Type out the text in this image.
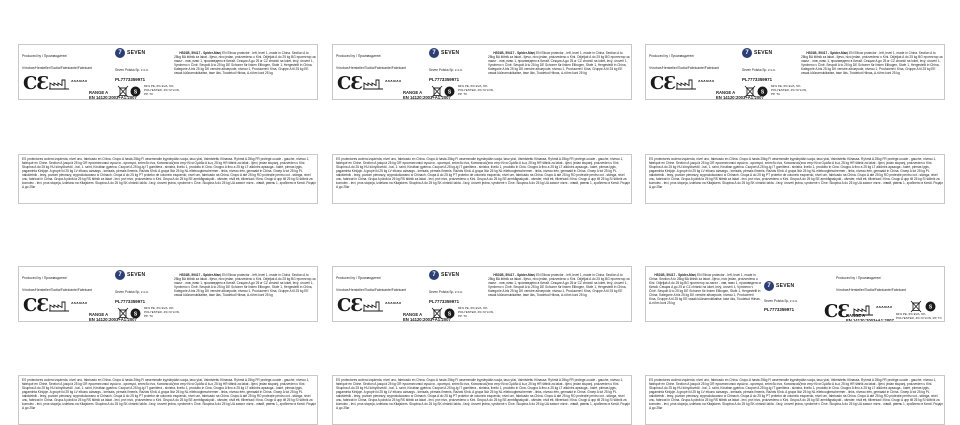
Produced by / Производител/

Výrobce/Hersteller/Tootja/Fabricante/Fabricant

7	SEVEN

Seven Polska Sp. z o.o.

PL7773359971
CƐ	XXXX/XX
S

HS01B, 59417 - Spider-Man| EN Elbow protector - left, level 1, made in China. Section A to 25kg BA štitnik za lakat - lijevo, nivo jedan, proizvedeno u Kini. Odjeljak A do 25 kg BG протектор за лакът - ляв, ниво 1, произведено в Китай. Секция A до 25 кг CZ chránič na loket, levý, úroveň 1, Vyrobeno v Číně. Sespolt A to 25 kg DE Schoner für linken Ellbogen, Stufe 1, Hergestellt in China, Kategorie A bis 25 kg DK venstre albuepude, niveau 1, Produceret i Kina, Gruppe A til 25 kg EE vasak küünarnukikaitse, tase üks, Toodetud Hiinas, A-rühm kuni 25 kg

84% PE, 6% EVA, 6% POLYESTER, 4% NYLON, PP, TC
RANGE A
EN 14120:2003+A1:2007

Produced by / Производител/

Výrobce/Hersteller/Tootja/Fabricante/Fabricant

7	SEVEN

Seven Polska Sp. z o.o.

PL7773359971
CƐ	XXXX/XX
S

HS01B, 59417 - Spider-Man| EN Elbow protector - left, level 1, made in China. Section A to 25kg BA štitnik za lakat - lijevo, nivo jedan, proizvedeno u Kini. Odjeljak A do 25 kg BG протектор за лакът - ляв, ниво 1, произведено в Китай. Секция A до 25 кг CZ chránič na loket, levý, úroveň 1, Vyrobeno v Číně. Sespolt A to 25 kg DE Schoner für linken Ellbogen, Stufe 1, Hergestellt in China, Kategorie A bis 25 kg DK venstre albuepude, niveau 1, Produceret i Kina, Gruppe A til 25 kg EE vasak küünarnukikaitse, tase üks, Toodetud Hiinas, A-rühm kuni 25 kg

84% PE, 6% EVA, 6% POLYESTER, 4% NYLON, PP, TC
RANGE A
EN 14120:2003+A1:2007

Produced by / Производител/

Výrobce/Hersteller/Tootja/Fabricante/Fabricant

7	SEVEN

Seven Polska Sp. z o.o.

PL7773359971
CƐ	XXXX/XX
S

HS01B, 59417 - Spider-Man| EN Elbow protector - left, level 1, made in China. Section A to 25kg BA štitnik za lakat - lijevo, nivo jedan, proizvedeno u Kini. Odjeljak A do 25 kg BG протектор за лакът - ляв, ниво 1, произведено в Китай. Секция A до 25 кг CZ chránič na loket, levý, úroveň 1, Vyrobeno v Číně. Sespolt A to 25 kg DE Schoner für linken Ellbogen, Stufe 1, Hergestellt in China, Kategorie A bis 25 kg DK venstre albuepude, niveau 1, Produceret i Kina, Gruppe A til 25 kg EE vasak küünarnukikaitse, tase üks, Toodetud Hiinas, A-rühm kuni 25 kg

84% PE, 6% EVA, 6% POLYESTER, 4% NYLON, PP, TC
RANGE A
EN 14120:2003+A1:2007

Produced by / Производител/

Výrobce/Hersteller/Tootja/Fabricante/Fabricant

7	SEVEN

Seven Polska Sp. z o.o.

PL7773359971
CƐ	XXXX/XX
S

HS01B, 59417 - Spider-Man| EN Elbow protector - left, level 1, made in China. Section A to 25kg BA štitnik za lakat - lijevo, nivo jedan, proizvedeno u Kini. Odjeljak A do 25 kg BG протектор за лакът - ляв, ниво 1, произведено в Китай. Секция A до 25 кг CZ chránič na loket, levý, úroveň 1, Vyrobeno v Číně. Sespolt A to 25 kg DE Schoner für linken Ellbogen, Stufe 1, Hergestellt in China, Kategorie A bis 25 kg DK venstre albuepude, niveau 1, Produceret i Kina, Gruppe A til 25 kg EE vasak küünarnukikaitse, tase üks, Toodetud Hiinas, A-rühm kuni 25 kg

84% PE, 6% EVA, 6% POLYESTER, 4% NYLON, PP, TC
RANGE A
EN 14120:2003+A1:2007

Produced by / Производител/

Výrobce/Hersteller/Tootja/Fabricante/Fabricant

7	SEVEN

Seven Polska Sp. z o.o.

PL7773359971
CƐ	XXXX/XX
S

HS01B, 59417 - Spider-Man| EN Elbow protector - left, level 1, made in China. Section A to 25kg BA štitnik za lakat - lijevo, nivo jedan, proizvedeno u Kini. Odjeljak A do 25 kg BG протектор за лакът - ляв, ниво 1, произведено в Китай. Секция A до 25 кг CZ chránič na loket, levý, úroveň 1, Vyrobeno v Číně. Sespolt A to 25 kg DE Schoner für linken Ellbogen, Stufe 1, Hergestellt in China, Kategorie A bis 25 kg DK venstre albuepude, niveau 1, Produceret i Kina, Gruppe A til 25 kg EE vasak küünarnukikaitse, tase üks, Toodetud Hiinas, A-rühm kuni 25 kg

84% PE, 6% EVA, 6% POLYESTER, 4% NYLON, PP, TC
RANGE A
EN 14120:2003+A1:2007

Produced by / Производител/

Výrobce/Hersteller/Tootja/Fabricante/Fabricant

7	SEVEN

Seven Polska Sp. z o.o.

PL7773359971 CƐ	XXXX/XX	S

HS01B, 59417 - Spider-Man| EN Elbow protector - left, level 1, made in China. Section A to 25kg BA štitnik za lakat - lijevo, nivo jedan, proizvedeno u Kini. Odjeljak A do 25 kg BG протектор за лакът - ляв, ниво 1, произведено в Китай. Секция A до 25 кг CZ chránič na loket, levý, úroveň 1, Vyrobeno v Číně. Sespolt A to 25 kg DE Schoner für linken Ellbogen, Stufe 1, Hergestellt in China, Kategorie A bis 25 kg DK venstre albuepude, niveau 1, Produceret i Kina, Gruppe A til 25 kg EE vasak küünarnukikaitse, tase üks, Toodetud Hiinas, A-rühm kuni 25 kg

84% PE, 6% EVA, 6% POLYESTER, 4% NYLON, PP, TC
RANGE A
EN 14120:2003+A1:2007
ES protectores codera izquierda, nivel uno, fabricado en China. Grupo A hasta 25kg FI vasemmalle kyynärpään suoja, taso yksi, Valmistettu Kiinassa. Ryhmä A 25kg FR protège-coude - gauche, niveau 1, fabriqué en Chine. Section A jusqu'à 25 kg GR προστατευτικό αγκώνα - αριστερό, επίπεδο ένα, Κατασκευάζεται στην Κίνα Ομάδα Α έως 25 kg HR štitnik za lakat - lijevi, jedan stupanj, proizveden u Kini. Skupina A do 25 kg HU könyökvédő - bal, 1. szint, Kínában gyártva. Csoport A 25 kg-ig IT gomitiera - sinistra, livello 1, prodotto in Cina. Gruppo A fino a 25 kg LT alkūnės apsauga - kairė, pirmas lygis, pagaminta Kinijoje. A grupė iki 25 kg LV elkoņu aizsargs - kreisais, pirmais līmenis, Ražots Ķīnā. A grupa līdz 25 kg NL elleboogbeschermer - links, niveau één, gemaakt in China. Groep A tot 25 kg PL nałokietnik - lewy, poziom pierwszy, wyprodukowano w Chinach. Grupa A do 25 kg PT protetor de cotovelo esquerdo, nível um, fabricado na China. Grupo A até 25 kg RO protecție pentru cot - stânga, nivel unu, fabricat în China. Grupa A până la 25 kg RS štitnik za lakat - levi, prvi nivo, proizvedeno u Kini. Grupa A do 25 kg SE armbågsskydd - vänster, nivå ett, tillverkad i Kina. Grupp A upp till 25 kg SI ščitnik za komolec - levi, prva stopnja, izdelano na Kitajskem. Skupina A do 25 kg SK chránič lakťa - ľavý, úroveň jedna, vyrobené v Číne. Skupina A do 25 kg UA захист ліктя - лівий, рівень 1, зроблено в Китаї. Розділ A до 25кг
ES protectores codera izquierda, nivel uno, fabricado en China. Grupo A hasta 25kg FI vasemmalle kyynärpään suoja, taso yksi, Valmistettu Kiinassa. Ryhmä A 25kg FR protège-coude - gauche, niveau 1, fabriqué en Chine. Section A jusqu'à 25 kg GR προστατευτικό αγκώνα - αριστερό, επίπεδο ένα, Κατασκευάζεται στην Κίνα Ομάδα Α έως 25 kg HR štitnik za lakat - lijevi, jedan stupanj, proizveden u Kini. Skupina A do 25 kg HU könyökvédő - bal, 1. szint, Kínában gyártva. Csoport A 25 kg-ig IT gomitiera - sinistra, livello 1, prodotto in Cina. Gruppo A fino a 25 kg LT alkūnės apsauga - kairė, pirmas lygis, pagaminta Kinijoje. A grupė iki 25 kg LV elkoņu aizsargs - kreisais, pirmais līmenis, Ražots Ķīnā. A grupa līdz 25 kg NL elleboogbeschermer - links, niveau één, gemaakt in China. Groep A tot 25 kg PL nałokietnik - lewy, poziom pierwszy, wyprodukowano w Chinach. Grupa A do 25 kg PT protetor de cotovelo esquerdo, nível um, fabricado na China. Grupo A até 25 kg RO protecție pentru cot - stânga, nivel unu, fabricat în China. Grupa A până la 25 kg RS štitnik za lakat - levi, prvi nivo, proizvedeno u Kini. Grupa A do 25 kg SE armbågsskydd - vänster, nivå ett, tillverkad i Kina. Grupp A upp till 25 kg SI ščitnik za komolec - levi, prva stopnja, izdelano na Kitajskem. Skupina A do 25 kg SK chránič lakťa - ľavý, úroveň jedna, vyrobené v Číne. Skupina A do 25 kg UA захист ліктя - лівий, рівень 1, зроблено в Китаї. Розділ A до 25кг
ES protectores codera izquierda, nivel uno, fabricado en China. Grupo A hasta 25kg FI vasemmalle kyynärpään suoja, taso yksi, Valmistettu Kiinassa. Ryhmä A 25kg FR protège-coude - gauche, niveau 1, fabriqué en Chine. Section A jusqu'à 25 kg GR προστατευτικό αγκώνα - αριστερό, επίπεδο ένα, Κατασκευάζεται στην Κίνα Ομάδα Α έως 25 kg HR štitnik za lakat - lijevi, jedan stupanj, proizveden u Kini. Skupina A do 25 kg HU könyökvédő - bal, 1. szint, Kínában gyártva. Csoport A 25 kg-ig IT gomitiera - sinistra, livello 1, prodotto in Cina. Gruppo A fino a 25 kg LT alkūnės apsauga - kairė, pirmas lygis, pagaminta Kinijoje. A grupė iki 25 kg LV elkoņu aizsargs - kreisais, pirmais līmenis, Ražots Ķīnā. A grupa līdz 25 kg NL elleboogbeschermer - links, niveau één, gemaakt in China. Groep A tot 25 kg PL nałokietnik - lewy, poziom pierwszy, wyprodukowano w Chinach. Grupa A do 25 kg PT protetor de cotovelo esquerdo, nível um, fabricado na China. Grupo A até 25 kg RO protecție pentru cot - stânga, nivel unu, fabricat în China. Grupa A până la 25 kg RS štitnik za lakat - levi, prvi nivo, proizvedeno u Kini. Grupa A do 25 kg SE armbågsskydd - vänster, nivå ett, tillverkad i Kina. Grupp A upp till 25 kg SI ščitnik za komolec - levi, prva stopnja, izdelano na Kitajskem. Skupina A do 25 kg SK chránič lakťa - ľavý, úroveň jedna, vyrobené v Číne. Skupina A do 25 kg UA захист ліктя - лівий, рівень 1, зроблено в Китаї. Розділ A до 25кг
ES protectores codera izquierda, nivel uno, fabricado en China. Grupo A hasta 25kg FI vasemmalle kyynärpään suoja, taso yksi, Valmistettu Kiinassa. Ryhmä A 25kg FR protège-coude - gauche, niveau 1, fabriqué en Chine. Section A jusqu'à 25 kg GR προστατευτικό αγκώνα - αριστερό, επίπεδο ένα, Κατασκευάζεται στην Κίνα Ομάδα Α έως 25 kg HR štitnik za lakat - lijevi, jedan stupanj, proizveden u Kini. Skupina A do 25 kg HU könyökvédő - bal, 1. szint, Kínában gyártva. Csoport A 25 kg-ig IT gomitiera - sinistra, livello 1, prodotto in Cina. Gruppo A fino a 25 kg LT alkūnės apsauga - kairė, pirmas lygis, pagaminta Kinijoje. A grupė iki 25 kg LV elkoņu aizsargs - kreisais, pirmais līmenis, Ražots Ķīnā. A grupa līdz 25 kg NL elleboogbeschermer - links, niveau één, gemaakt in China. Groep A tot 25 kg PL nałokietnik - lewy, poziom pierwszy, wyprodukowano w Chinach. Grupa A do 25 kg PT protetor de cotovelo esquerdo, nível um, fabricado na China. Grupo A até 25 kg RO protecție pentru cot - stânga, nivel unu, fabricat în China. Grupa A până la 25 kg RS štitnik za lakat - levi, prvi nivo, proizvedeno u Kini. Grupa A do 25 kg SE armbågsskydd - vänster, nivå ett, tillverkad i Kina. Grupp A upp till 25 kg SI ščitnik za komolec - levi, prva stopnja, izdelano na Kitajskem. Skupina A do 25 kg SK chránič lakťa - ľavý, úroveň jedna, vyrobené v Číne. Skupina A do 25 kg UA захист ліктя - лівий, рівень 1, зроблено в Китаї. Розділ A до 25кг
ES protectores codera izquierda, nivel uno, fabricado en China. Grupo A hasta 25kg FI vasemmalle kyynärpään suoja, taso yksi, Valmistettu Kiinassa. Ryhmä A 25kg FR protège-coude - gauche, niveau 1, fabriqué en Chine. Section A jusqu'à 25 kg GR προστατευτικό αγκώνα - αριστερό, επίπεδο ένα, Κατασκευάζεται στην Κίνα Ομάδα Α έως 25 kg HR štitnik za lakat - lijevi, jedan stupanj, proizveden u Kini. Skupina A do 25 kg HU könyökvédő - bal, 1. szint, Kínában gyártva. Csoport A 25 kg-ig IT gomitiera - sinistra, livello 1, prodotto in Cina. Gruppo A fino a 25 kg LT alkūnės apsauga - kairė, pirmas lygis, pagaminta Kinijoje. A grupė iki 25 kg LV elkoņu aizsargs - kreisais, pirmais līmenis, Ražots Ķīnā. A grupa līdz 25 kg NL elleboogbeschermer - links, niveau één, gemaakt in China. Groep A tot 25 kg PL nałokietnik - lewy, poziom pierwszy, wyprodukowano w Chinach. Grupa A do 25 kg PT protetor de cotovelo esquerdo, nível um, fabricado na China. Grupo A até 25 kg RO protecție pentru cot - stânga, nivel unu, fabricat în China. Grupa A până la 25 kg RS štitnik za lakat - levi, prvi nivo, proizvedeno u Kini. Grupa A do 25 kg SE armbågsskydd - vänster, nivå ett, tillverkad i Kina. Grupp A upp till 25 kg SI ščitnik za komolec - levi, prva stopnja, izdelano na Kitajskem. Skupina A do 25 kg SK chránič lakťa - ľavý, úroveň jedna, vyrobené v Číne. Skupina A do 25 kg UA захист ліктя - лівий, рівень 1, зроблено в Китаї. Розділ A до 25кг
ES protectores codera izquierda, nivel uno, fabricado en China. Grupo A hasta 25kg FI vasemmalle kyynärpään suoja, taso yksi, Valmistettu Kiinassa. Ryhmä A 25kg FR protège-coude - gauche, niveau 1, fabriqué en Chine. Section A jusqu'à 25 kg GR προστατευτικό αγκώνα - αριστερό, επίπεδο ένα, Κατασκευάζεται στην Κίνα Ομάδα Α έως 25 kg HR štitnik za lakat - lijevi, jedan stupanj, proizveden u Kini. Skupina A do 25 kg HU könyökvédő - bal, 1. szint, Kínában gyártva. Csoport A 25 kg-ig IT gomitiera - sinistra, livello 1, prodotto in Cina. Gruppo A fino a 25 kg LT alkūnės apsauga - kairė, pirmas lygis, pagaminta Kinijoje. A grupė iki 25 kg LV elkoņu aizsargs - kreisais, pirmais līmenis, Ražots Ķīnā. A grupa līdz 25 kg NL elleboogbeschermer - links, niveau één, gemaakt in China. Groep A tot 25 kg PL nałokietnik - lewy, poziom pierwszy, wyprodukowano w Chinach. Grupa A do 25 kg PT protetor de cotovelo esquerdo, nível um, fabricado na China. Grupo A até 25 kg RO protecție pentru cot - stânga, nivel unu, fabricat în China. Grupa A până la 25 kg RS štitnik za lakat - levi, prvi nivo, proizvedeno u Kini. Grupa A do 25 kg SE armbågsskydd - vänster, nivå ett, tillverkad i Kina. Grupp A upp till 25 kg SI ščitnik za komolec - levi, prva stopnja, izdelano na Kitajskem. Skupina A do 25 kg SK chránič lakťa - ľavý, úroveň jedna, vyrobené v Číne. Skupina A do 25 kg UA захист ліктя - лівий, рівень 1, зроблено в Китаї. Розділ A до 25кг
